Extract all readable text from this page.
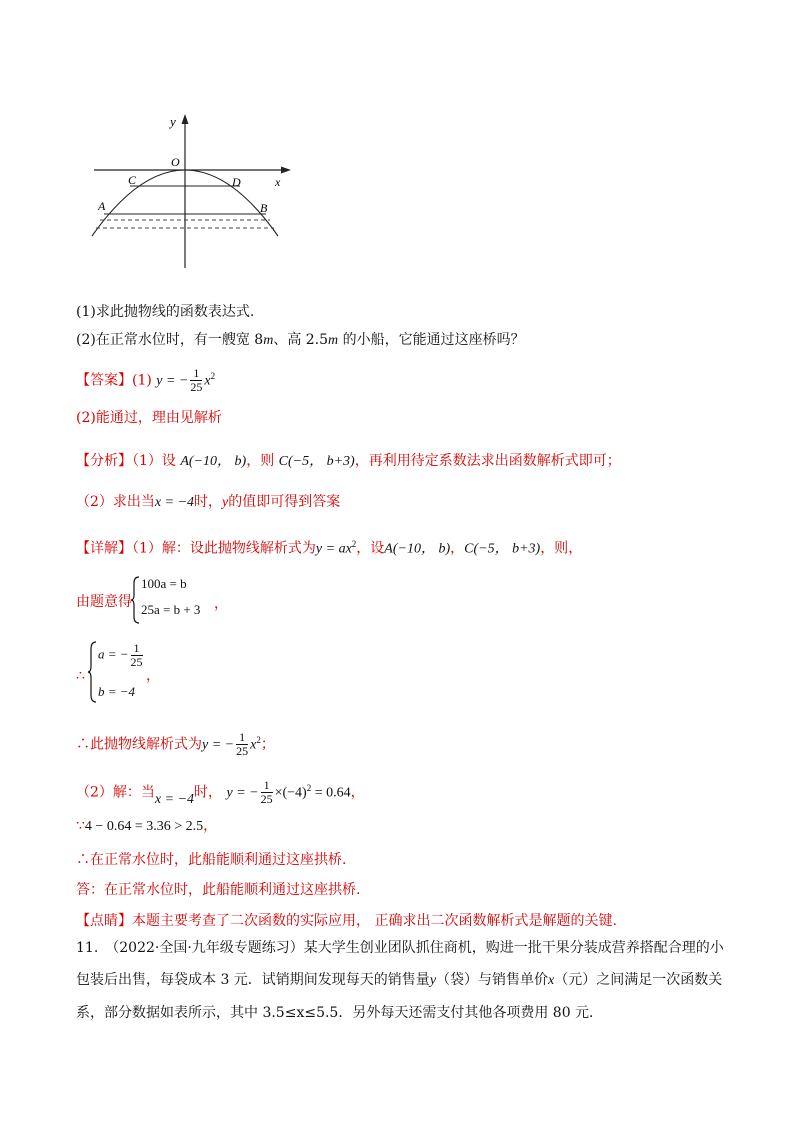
y
x
O
C	D
A	B
(1)求此抛物线的函数表达式.
(2)在正常水位时，有一艘宽 8m、高 2.5m 的小船，它能通过这座桥吗？
【答案】(1) y = − $\frac{1}{25} x^2$
(2)能通过，理由见解析
【分析】（1）设 A(−10， b)，则 C(−5， b+3)，再利用待定系数法求出函数解析式即可；
（2）求出当x = −4时，y的值即可得到答案
【详解】（1）解：设此抛物线解析式为$y = ax^2$，设A(−10， b)，C(−5， b+3)，则，
由题意得
100a = b
25a = b + 3 ，
∴
a = − $\frac{1}{25}$
b = −4
，
∴此抛物线解析式为y = − $\frac{1}{25} x^2$；
（2）解：当x = −4时， y = − $\frac{1}{25} \times(-4)^2 = 0.64$，
∵4 − 0.64 = 3.36 > 2.5，
∴在正常水位时，此船能顺利通过这座拱桥.
答：在正常水位时，此船能顺利通过这座拱桥.
【点睛】本题主要考查了二次函数的实际应用， 正确求出二次函数解析式是解题的关键.
11.　（2022·全国·九年级专题练习）某大学生创业团队抓住商机，购进一批干果分装成营养搭配合理的小
包装后出售，每袋成本 3 元．试销期间发现每天的销售量y（袋）与销售单价x（元）之间满足一次函数关
系，部分数据如表所示，其中 3.5≤x≤5.5．另外每天还需支付其他各项费用 80 元．
